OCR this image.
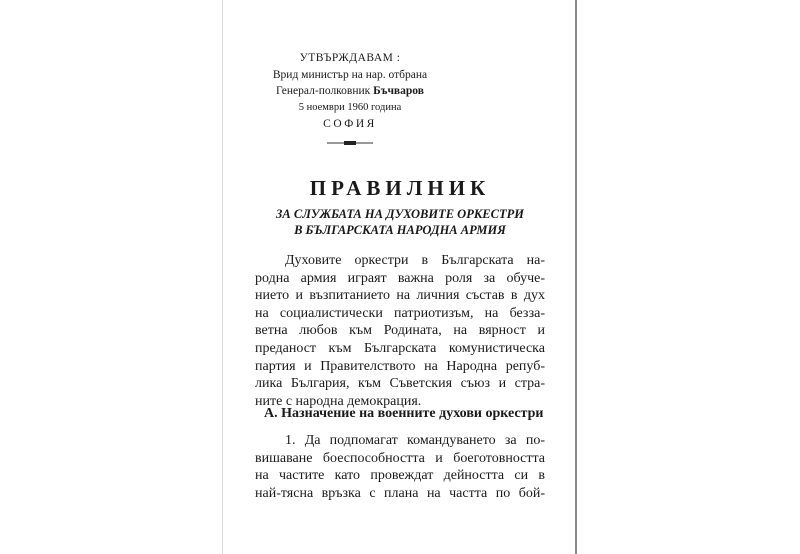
УТВЪРЖДАВАМ :
Врид министър на нар. отбрана
Генерал-полковник Бъчваров
5 ноември 1960 година
СОФИЯ
ПРАВИЛНИК
ЗА СЛУЖБАТА НА ДУХОВИТЕ ОРКЕСТРИ
В БЪЛГАРСКАТА НАРОДНА АРМИЯ
Духовите оркестри в Българската на-
родна армия играят важна роля за обуче-
нието и възпитанието на личния състав в дух
на социалистически патриотизъм, на безза-
ветна любов към Родината, на вярност и
преданост към Българската комунистическа
партия и Правителството на Народна репуб-
лика България, към Съветския съюз и стра-
ните с народна демокрация.
А. Назначение на военните духови оркестри
1. Да подпомагат командуването за по-
вишаване боеспособността и бoeготовността
на частите като провеждат дейността си в
най-тясна връзка с плана на частта по бой-
